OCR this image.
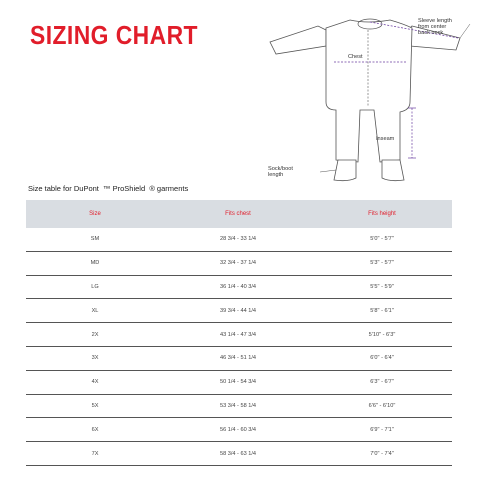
SIZING CHART	Sleeve length
from center
back neck
Chest
Inseam
Sock/boot
length
Size table for DuPont  ™ ProShield  ® garments
Size	Fits chest	Fits height
SM	28 3/4 - 33 1/4	5'0" - 5'7"
MD	32 3/4 - 37 1/4	5'3" - 5'7"
LG	36 1/4 - 40 3/4	5'5" - 5'9"
XL	39 3/4 - 44 1/4	5'8" - 6'1"
2X	43 1/4 - 47 3/4	5'10" - 6'3"
3X	46 3/4 - 51 1/4	6'0" - 6'4"
4X	50 1/4 - 54 3/4	6'3" - 6'7"
5X	53 3/4 - 58 1/4	6'6" - 6'10"
6X	56 1/4 - 60 3/4	6'9" - 7'1"
7X	58 3/4 - 63 1/4	7'0" - 7'4"
